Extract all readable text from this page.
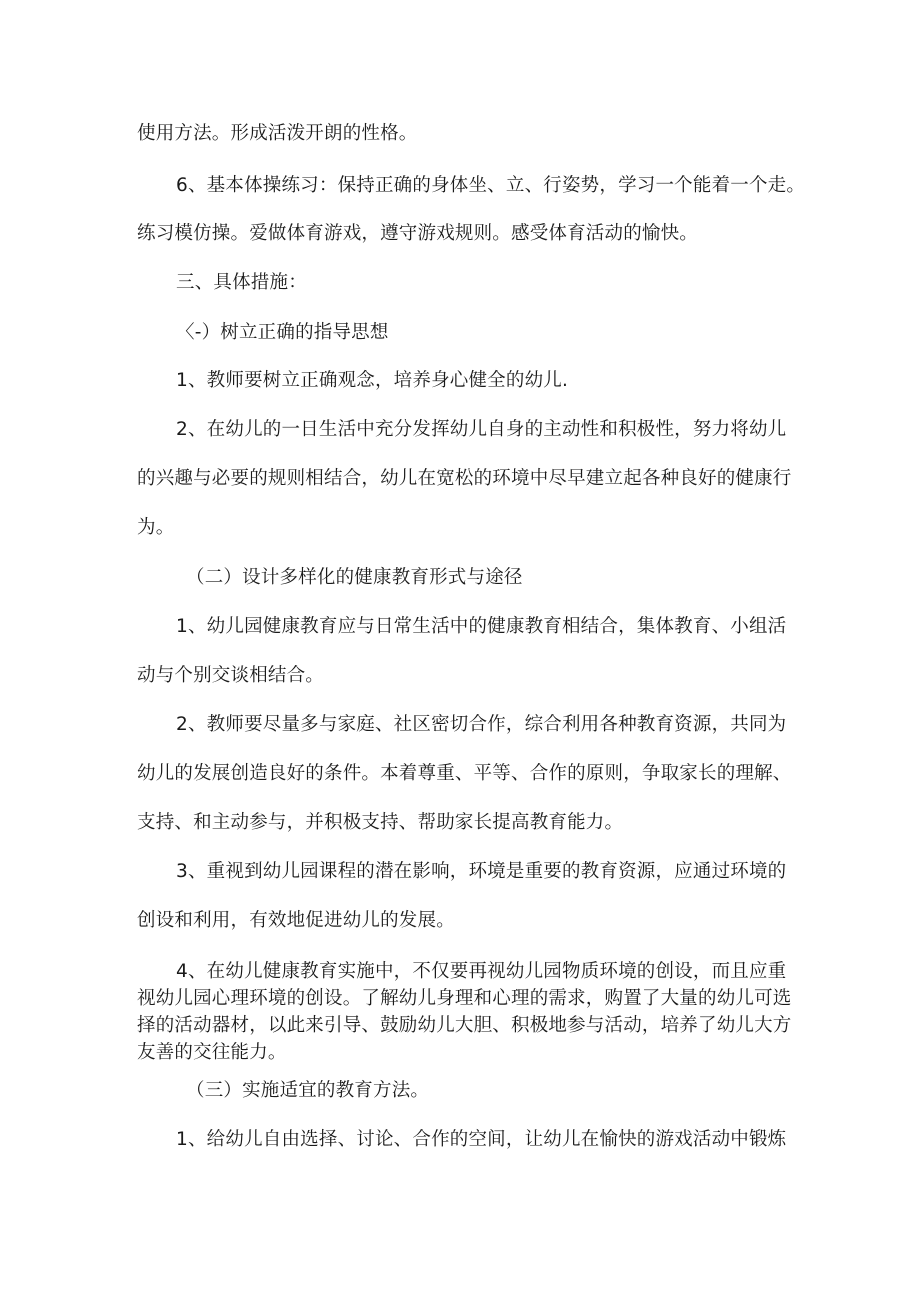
使用方法。形成活泼开朗的性格。
6、基本体操练习：保持正确的身体坐、立、行姿势，学习一个能着一个走。
练习模仿操。爱做体育游戏，遵守游戏规则。感受体育活动的愉快。
三、具体措施：
〈-）树立正确的指导思想
1、教师要树立正确观念，培养身心健全的幼儿.
2、在幼儿的一日生活中充分发挥幼儿自身的主动性和积极性，努力将幼儿
的兴趣与必要的规则相结合，幼儿在宽松的环境中尽早建立起各种良好的健康行
为。
（二）设计多样化的健康教育形式与途径
1、幼儿园健康教育应与日常生活中的健康教育相结合，集体教育、小组活
动与个别交谈相结合。
2、教师要尽量多与家庭、社区密切合作，综合利用各种教育资源，共同为
幼儿的发展创造良好的条件。本着尊重、平等、合作的原则，争取家长的理解、
支持、和主动参与，并积极支持、帮助家长提高教育能力。
3、重视到幼儿园课程的潜在影响，环境是重要的教育资源，应通过环境的
创设和利用，有效地促进幼儿的发展。
4、在幼儿健康教育实施中，不仅要再视幼儿园物质环境的创设，而且应重
视幼儿园心理环境的创设。了解幼儿身理和心理的需求，购置了大量的幼儿可选
择的活动器材，以此来引导、鼓励幼儿大胆、积极地参与活动，培养了幼儿大方
友善的交往能力。
（三）实施适宜的教育方法。
1、给幼儿自由选择、讨论、合作的空间，让幼儿在愉快的游戏活动中锻炼
